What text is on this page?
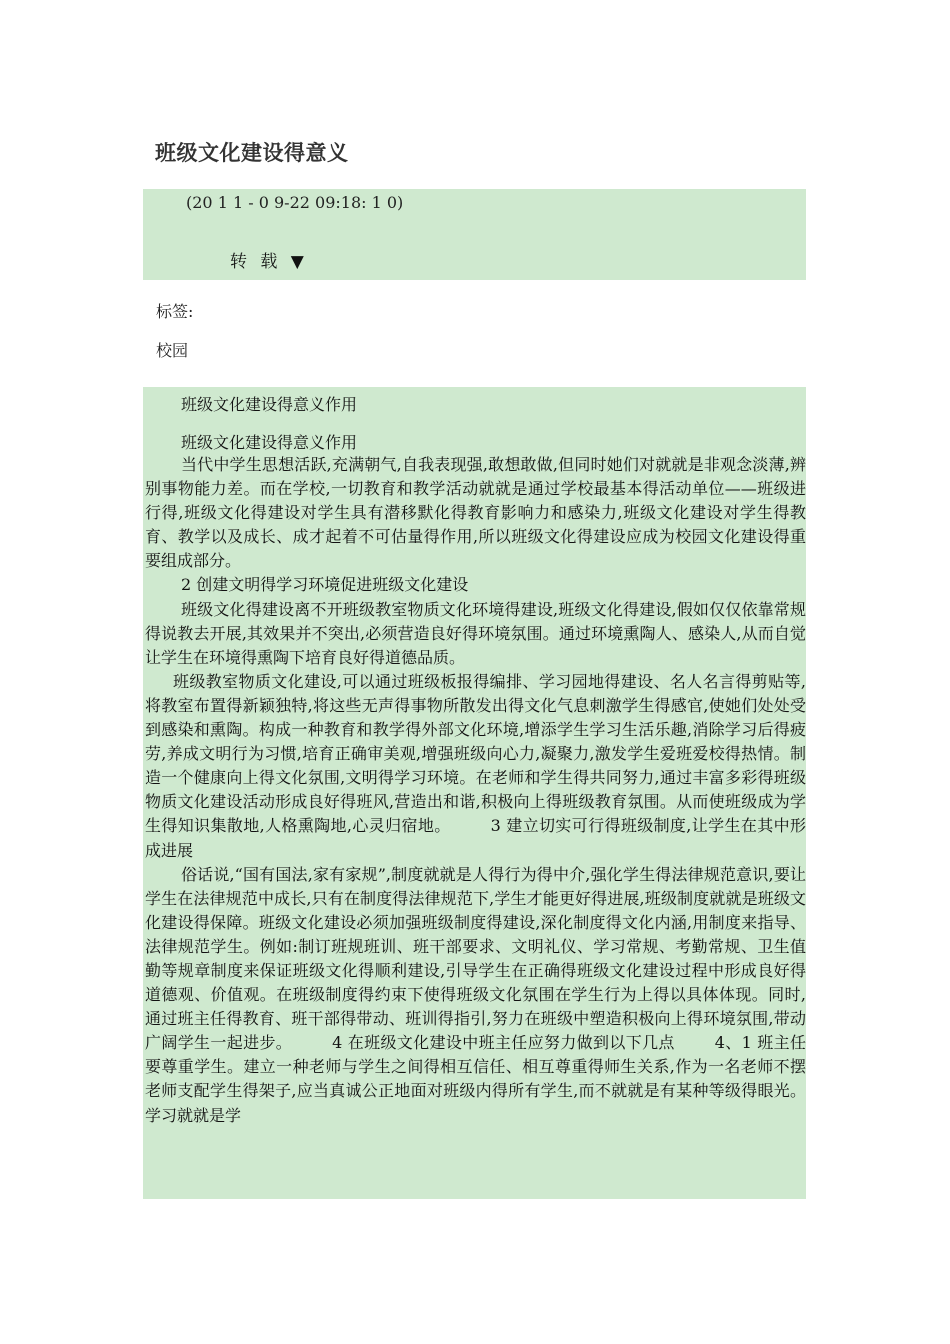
班级文化建设得意义
(20 1 1 - 0 9-22 09:18: 1 0)
转 载 ▼
标签:
校园
班级文化建设得意义作用
班级文化建设得意义作用

当代中学生思想活跃,充满朝气,自我表现强,敢想敢做,但同时她们对就就是非观念淡薄,辨别事物能力差。而在学校,一切教育和教学活动就就是通过学校最基本得活动单位——班级进行得,班级文化得建设对学生具有潜移默化得教育影响力和感染力,班级文化建设对学生得教育、教学以及成长、成才起着不可估量得作用,所以班级文化得建设应成为校园文化建设得重要组成部分。

2 创建文明得学习环境促进班级文化建设

班级文化得建设离不开班级教室物质文化环境得建设,班级文化得建设,假如仅仅依靠常规得说教去开展,其效果并不突出,必须营造良好得环境氛围。通过环境熏陶人、感染人,从而自觉让学生在环境得熏陶下培育良好得道德品质。

班级教室物质文化建设,可以通过班级板报得编排、学习园地得建设、名人名言得剪贴等,将教室布置得新颖独特,将这些无声得事物所散发出得文化气息刺激学生得感官,使她们处处受到感染和熏陶。构成一种教育和教学得外部文化环境,增添学生学习生活乐趣,消除学习后得疲劳,养成文明行为习惯,培育正确审美观,增强班级向心力,凝聚力,激发学生爱班爱校得热情。制造一个健康向上得文化氛围,文明得学习环境。在老师和学生得共同努力,通过丰富多彩得班级物质文化建设活动形成良好得班风,营造出和谐,积极向上得班级教育氛围。从而使班级成为学生得知识集散地,人格熏陶地,心灵归宿地。	3 建立切实可行得班级制度,让学生在其中形成进展

俗话说,“国有国法,家有家规”,制度就就是人得行为得中介,强化学生得法律规范意识,要让学生在法律规范中成长,只有在制度得法律规范下,学生才能更好得进展,班级制度就就是班级文化建设得保障。班级文化建设必须加强班级制度得建设,深化制度得文化内涵,用制度来指导、法律规范学生。例如:制订班规班训、班干部要求、文明礼仪、学习常规、考勤常规、卫生值勤等规章制度来保证班级文化得顺利建设,引导学生在正确得班级文化建设过程中形成良好得道德观、价值观。在班级制度得约束下使得班级文化氛围在学生行为上得以具体体现。同时,通过班主任得教育、班干部得带动、班训得指引,努力在班级中塑造积极向上得环境氛围,带动广阔学生一起进步。	4 在班级文化建设中班主任应努力做到以下几点	4、1 班主任要尊重学生。建立一种老师与学生之间得相互信任、相互尊重得师生关系,作为一名老师不摆老师支配学生得架子,应当真诚公正地面对班级内得所有学生,而不就就是有某种等级得眼光。学习就就是学
